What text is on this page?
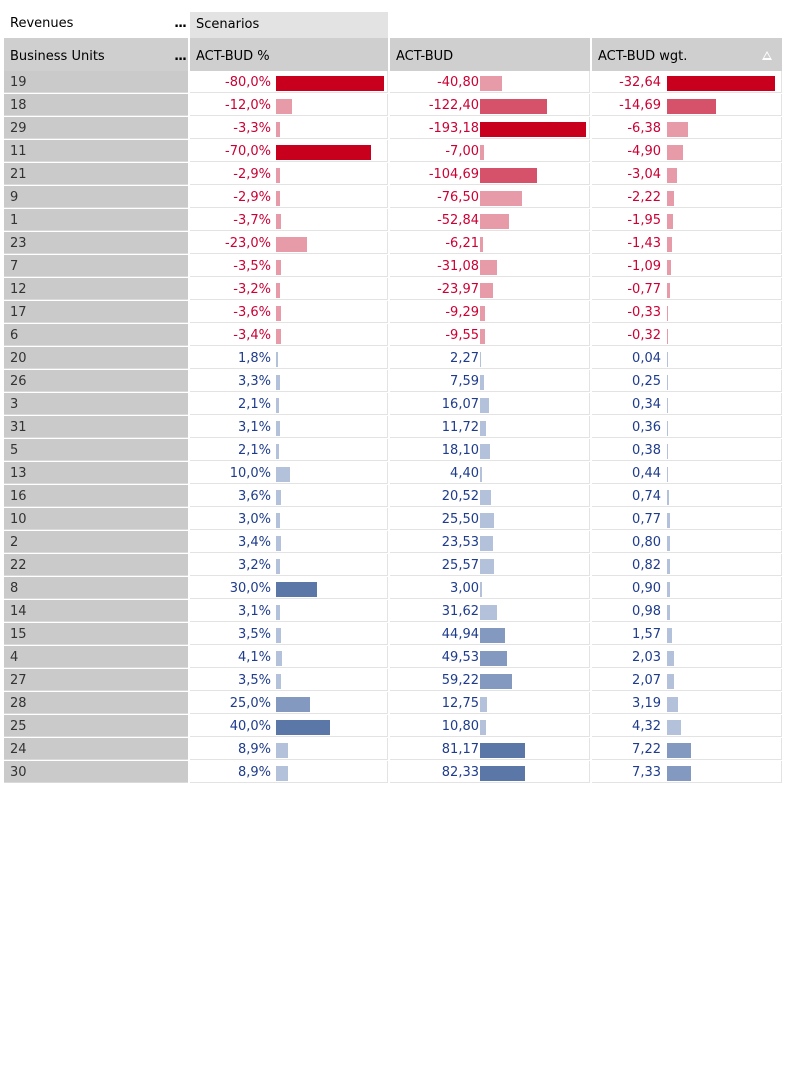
Revenues	... Scenarios
Business Units	... ACT-BUD %	ACT-BUD	ACT-BUD wgt.
19	-80,0%	-40,80	-32,64
18	-12,0%	-122,40	-14,69
29	-3,3%	-193,18	-6,38
11	-70,0%	-7,00	-4,90
21	-2,9%	-104,69	-3,04
9	-2,9%	-76,50	-2,22
1	-3,7%	-52,84	-1,95
23	-23,0%	-6,21	-1,43
7	-3,5%	-31,08	-1,09
12	-3,2%	-23,97	-0,77
17	-3,6%	-9,29	-0,33
6	-3,4%	-9,55	-0,32
20	1,8%	2,27	0,04
26	3,3%	7,59	0,25
3	2,1%	16,07	0,34
31	3,1%	11,72	0,36
5	2,1%	18,10	0,38
13	10,0%	4,40	0,44
16	3,6%	20,52	0,74
10	3,0%	25,50	0,77
2	3,4%	23,53	0,80
22	3,2%	25,57	0,82
8	30,0%	3,00	0,90
14	3,1%	31,62	0,98
15	3,5%	44,94	1,57
4	4,1%	49,53	2,03
27	3,5%	59,22	2,07
28	25,0%	12,75	3,19
25	40,0%	10,80	4,32
24	8,9%	81,17	7,22
30	8,9%	82,33	7,33
